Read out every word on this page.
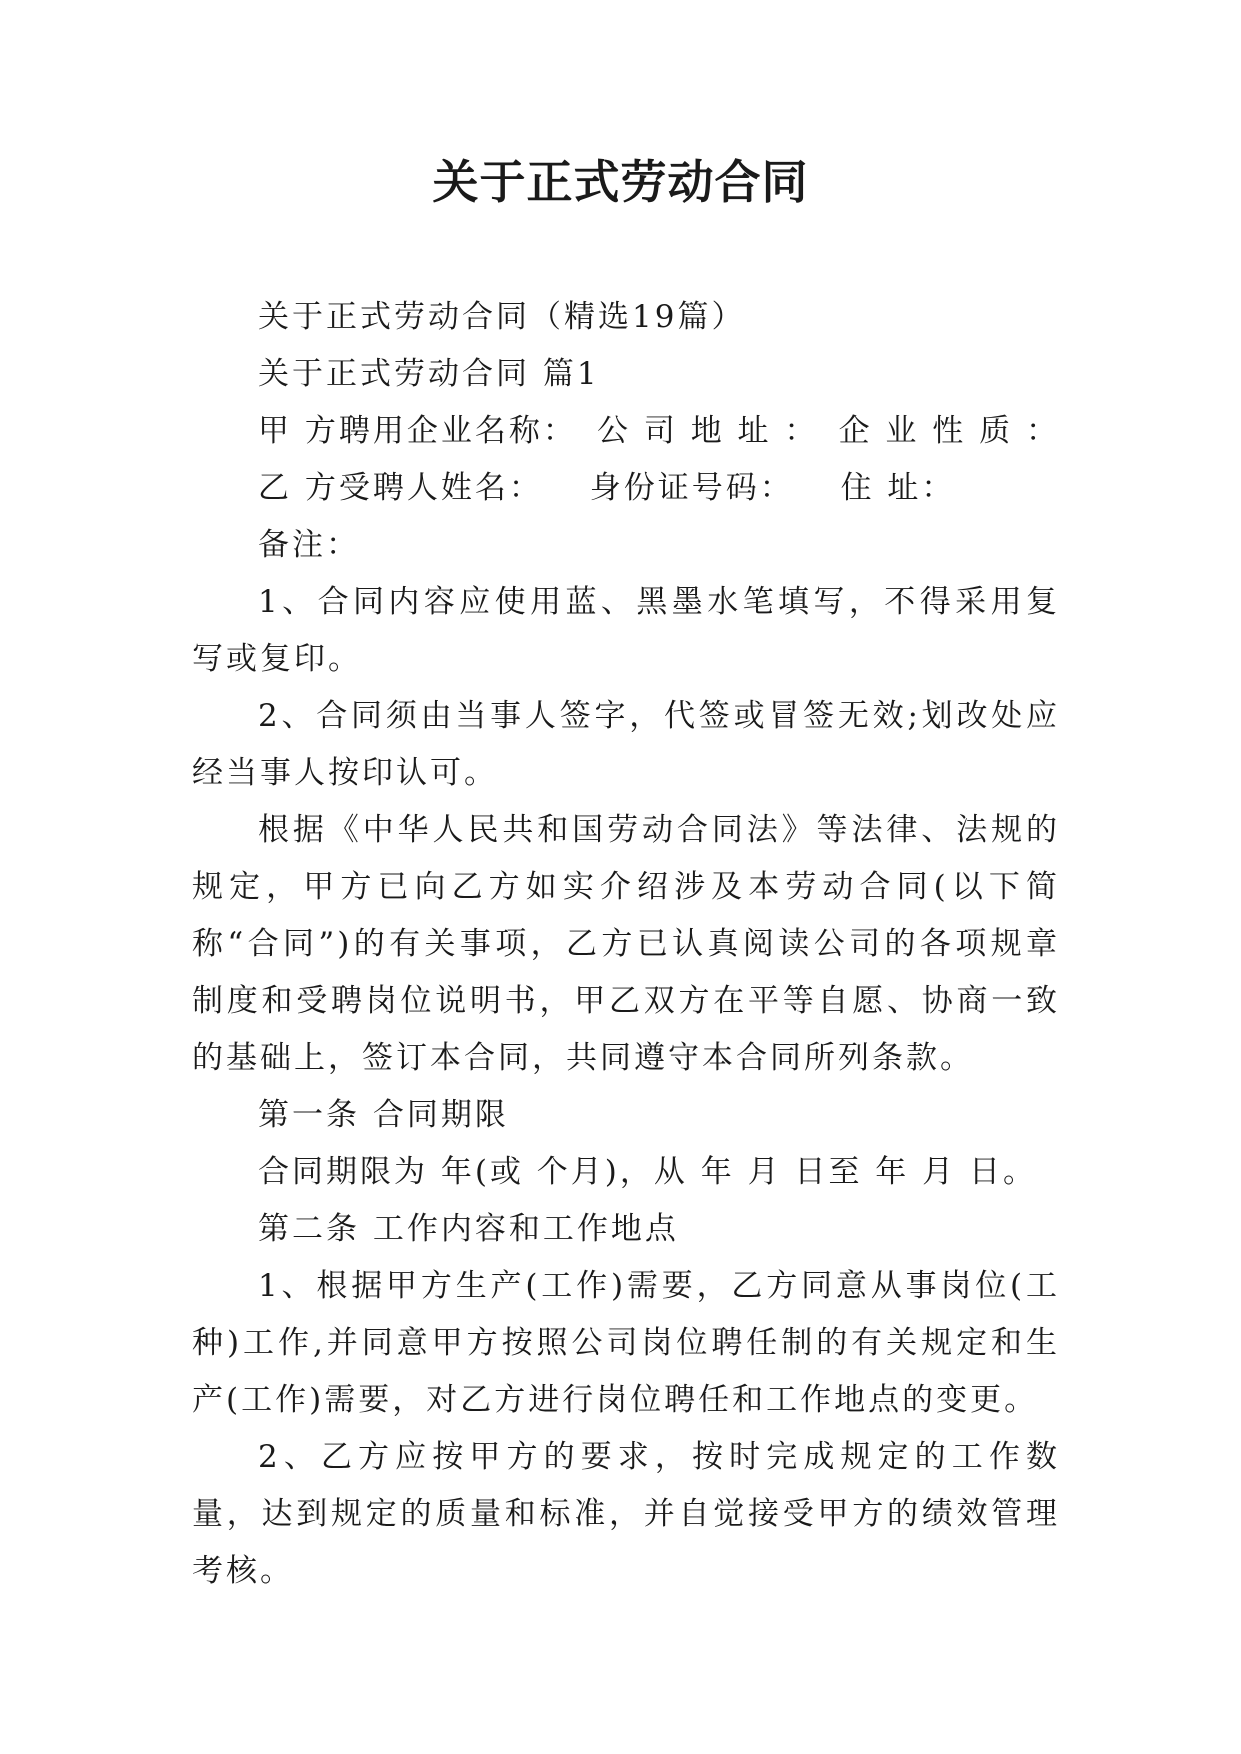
关于正式劳动合同

关于正式劳动合同（精选19篇）

关于正式劳动合同 篇1

甲 方聘用企业名称： 公 司 地 址 ： 企 业 性 质 ：

乙 方受聘人姓名： 身份证号码： 住 址：

备注：

1、合同内容应使用蓝、黑墨水笔填写，不得采用复写或复印。

2、合同须由当事人签字，代签或冒签无效;划改处应经当事人按印认可。

根据《中华人民共和国劳动合同法》等法律、法规的规定，甲方已向乙方如实介绍涉及本劳动合同(以下简称“合同”)的有关事项，乙方已认真阅读公司的各项规章制度和受聘岗位说明书，甲乙双方在平等自愿、协商一致的基础上，签订本合同，共同遵守本合同所列条款。

第一条 合同期限

合同期限为 年(或 个月)，从 年 月 日至 年 月 日。

第二条 工作内容和工作地点

1、根据甲方生产(工作)需要，乙方同意从事岗位(工种)工作,并同意甲方按照公司岗位聘任制的有关规定和生产(工作)需要，对乙方进行岗位聘任和工作地点的变更。

2、乙方应按甲方的要求，按时完成规定的工作数量，达到规定的质量和标准，并自觉接受甲方的绩效管理考核。
